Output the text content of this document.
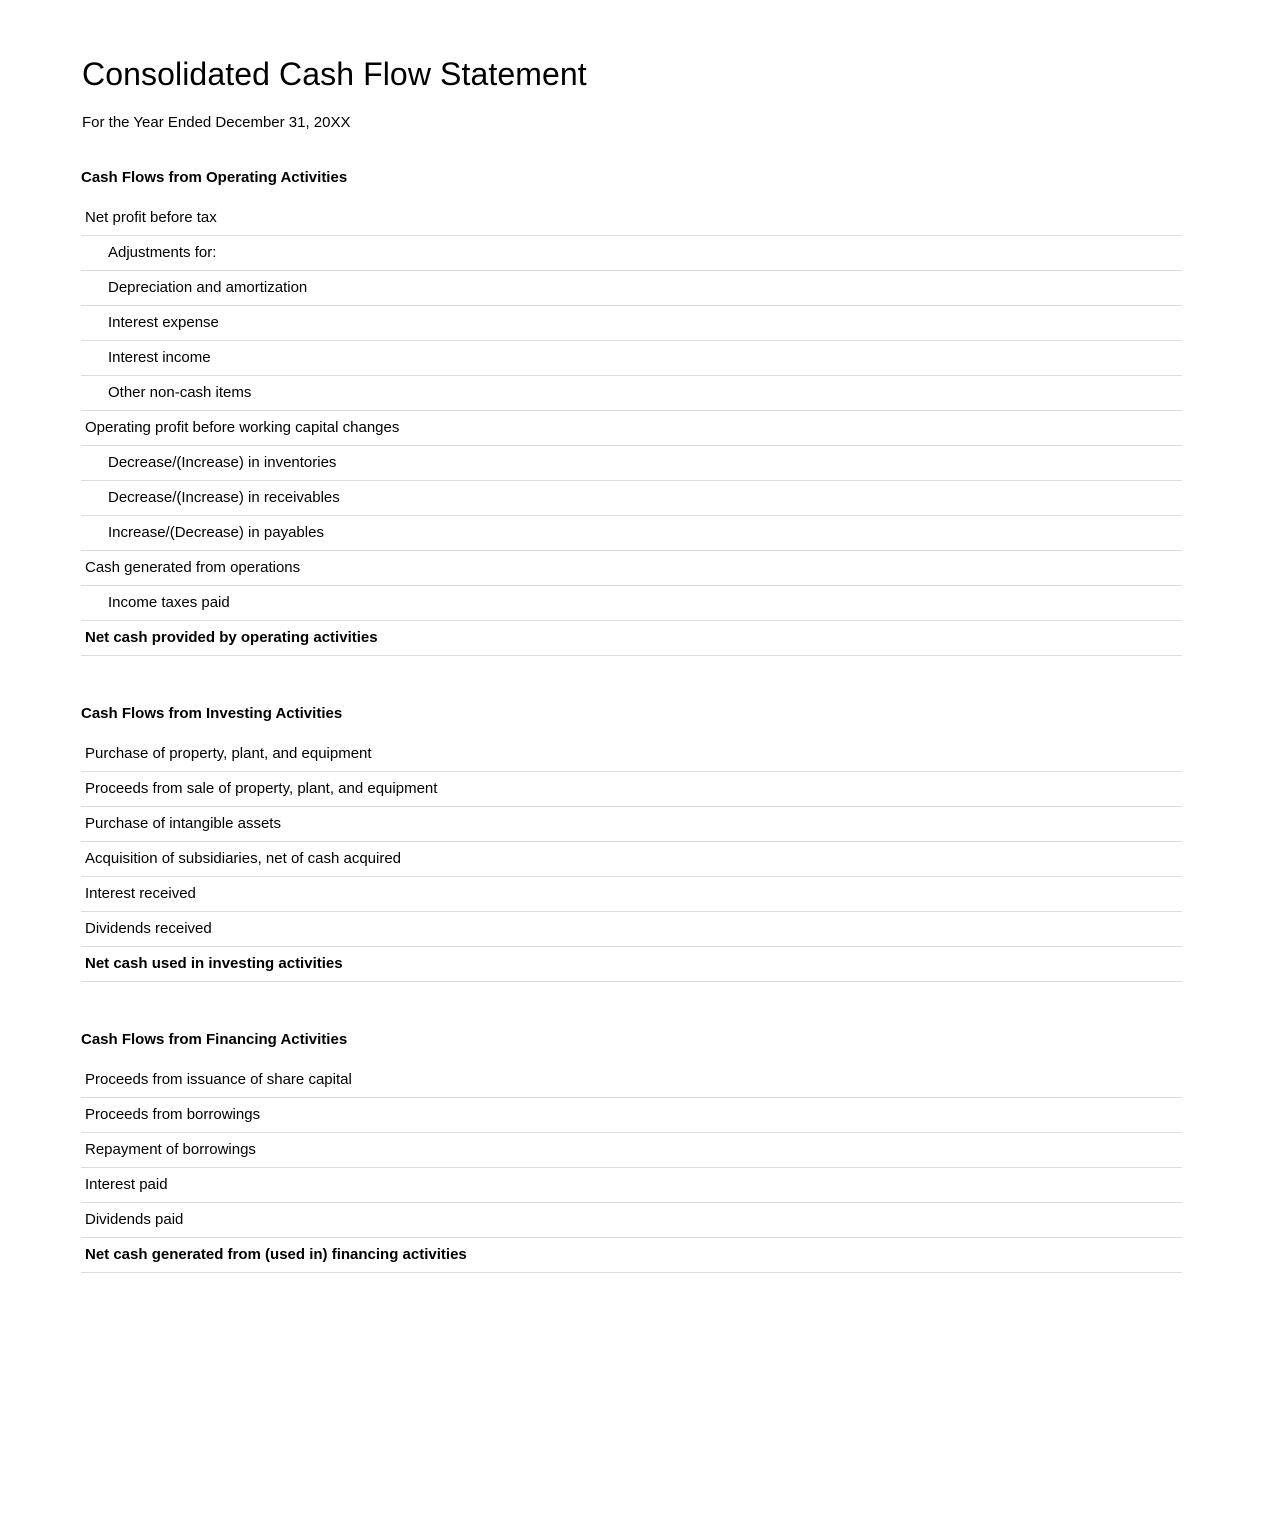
Consolidated Cash Flow Statement
For the Year Ended December 31, 20XX
Cash Flows from Operating Activities
Net profit before tax
Adjustments for:
Depreciation and amortization
Interest expense
Interest income
Other non-cash items
Operating profit before working capital changes
Decrease/(Increase) in inventories
Decrease/(Increase) in receivables
Increase/(Decrease) in payables
Cash generated from operations
Income taxes paid
Net cash provided by operating activities
Cash Flows from Investing Activities
Purchase of property, plant, and equipment
Proceeds from sale of property, plant, and equipment
Purchase of intangible assets
Acquisition of subsidiaries, net of cash acquired
Interest received
Dividends received
Net cash used in investing activities
Cash Flows from Financing Activities
Proceeds from issuance of share capital
Proceeds from borrowings
Repayment of borrowings
Interest paid
Dividends paid
Net cash generated from (used in) financing activities
